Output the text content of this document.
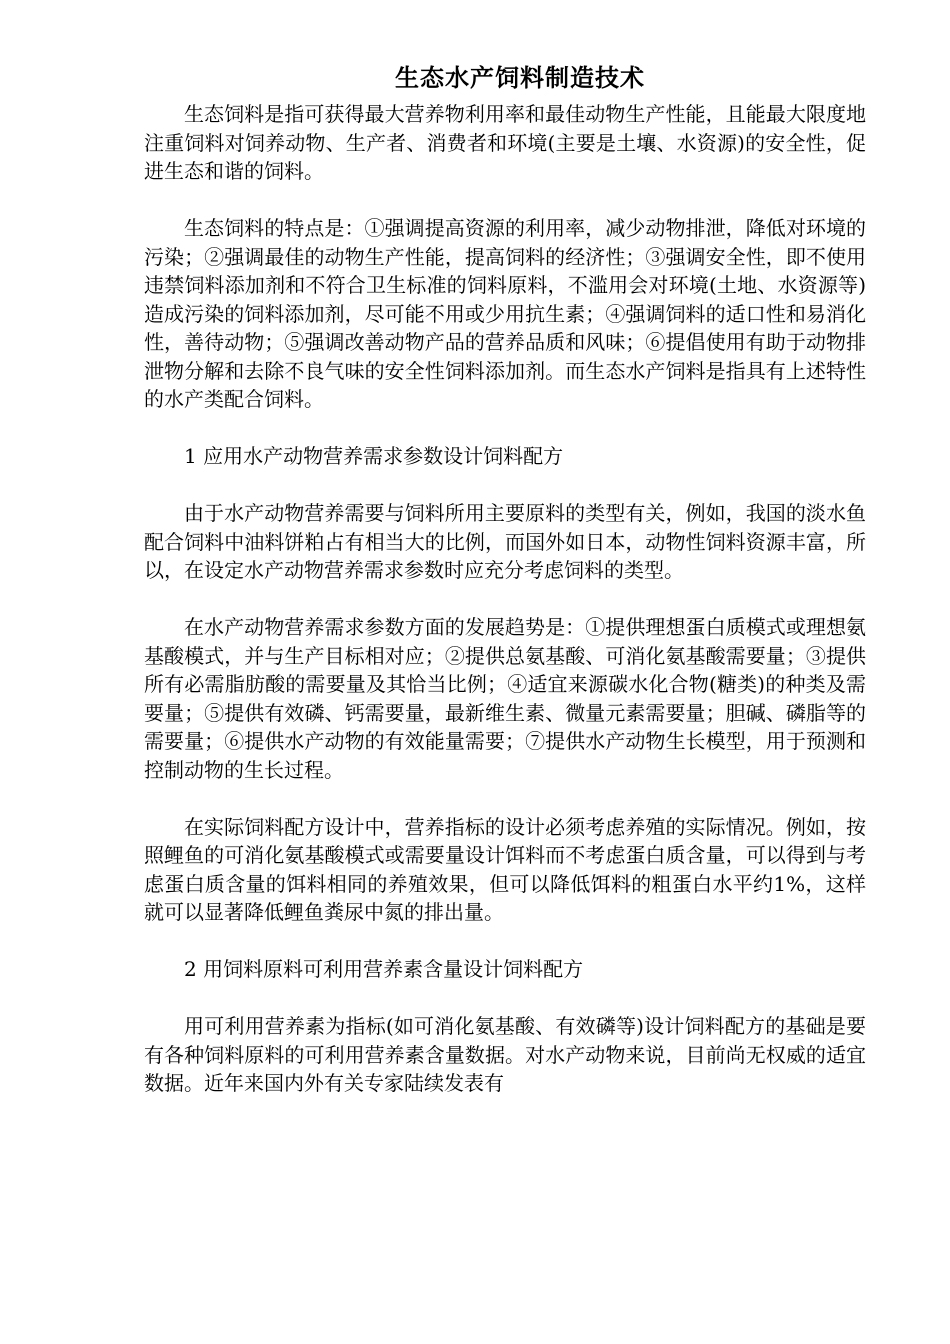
生态水产饲料制造技术

生态饲料是指可获得最大营养物利用率和最佳动物生产性能，且能最大限度地注重饲料对饲养动物、生产者、消费者和环境(主要是土壤、水资源)的安全性，促进生态和谐的饲料。

生态饲料的特点是：①强调提高资源的利用率，减少动物排泄，降低对环境的污染；②强调最佳的动物生产性能，提高饲料的经济性；③强调安全性，即不使用违禁饲料添加剂和不符合卫生标准的饲料原料，不滥用会对环境(土地、水资源等)造成污染的饲料添加剂，尽可能不用或少用抗生素；④强调饲料的适口性和易消化性，善待动物；⑤强调改善动物产品的营养品质和风味；⑥提倡使用有助于动物排泄物分解和去除不良气味的安全性饲料添加剂。而生态水产饲料是指具有上述特性的水产类配合饲料。

1 应用水产动物营养需求参数设计饲料配方

由于水产动物营养需要与饲料所用主要原料的类型有关，例如，我国的淡水鱼配合饲料中油料饼粕占有相当大的比例，而国外如日本，动物性饲料资源丰富，所以，在设定水产动物营养需求参数时应充分考虑饲料的类型。

在水产动物营养需求参数方面的发展趋势是：①提供理想蛋白质模式或理想氨基酸模式，并与生产目标相对应；②提供总氨基酸、可消化氨基酸需要量；③提供所有必需脂肪酸的需要量及其恰当比例；④适宜来源碳水化合物(糖类)的种类及需要量；⑤提供有效磷、钙需要量，最新维生素、微量元素需要量；胆碱、磷脂等的需要量；⑥提供水产动物的有效能量需要；⑦提供水产动物生长模型，用于预测和控制动物的生长过程。

在实际饲料配方设计中，营养指标的设计必须考虑养殖的实际情况。例如，按照鲤鱼的可消化氨基酸模式或需要量设计饵料而不考虑蛋白质含量，可以得到与考虑蛋白质含量的饵料相同的养殖效果，但可以降低饵料的粗蛋白水平约1%，这样就可以显著降低鲤鱼粪尿中氮的排出量。

2 用饲料原料可利用营养素含量设计饲料配方

用可利用营养素为指标(如可消化氨基酸、有效磷等)设计饲料配方的基础是要有各种饲料原料的可利用营养素含量数据。对水产动物来说，目前尚无权威的适宜数据。近年来国内外有关专家陆续发表有
